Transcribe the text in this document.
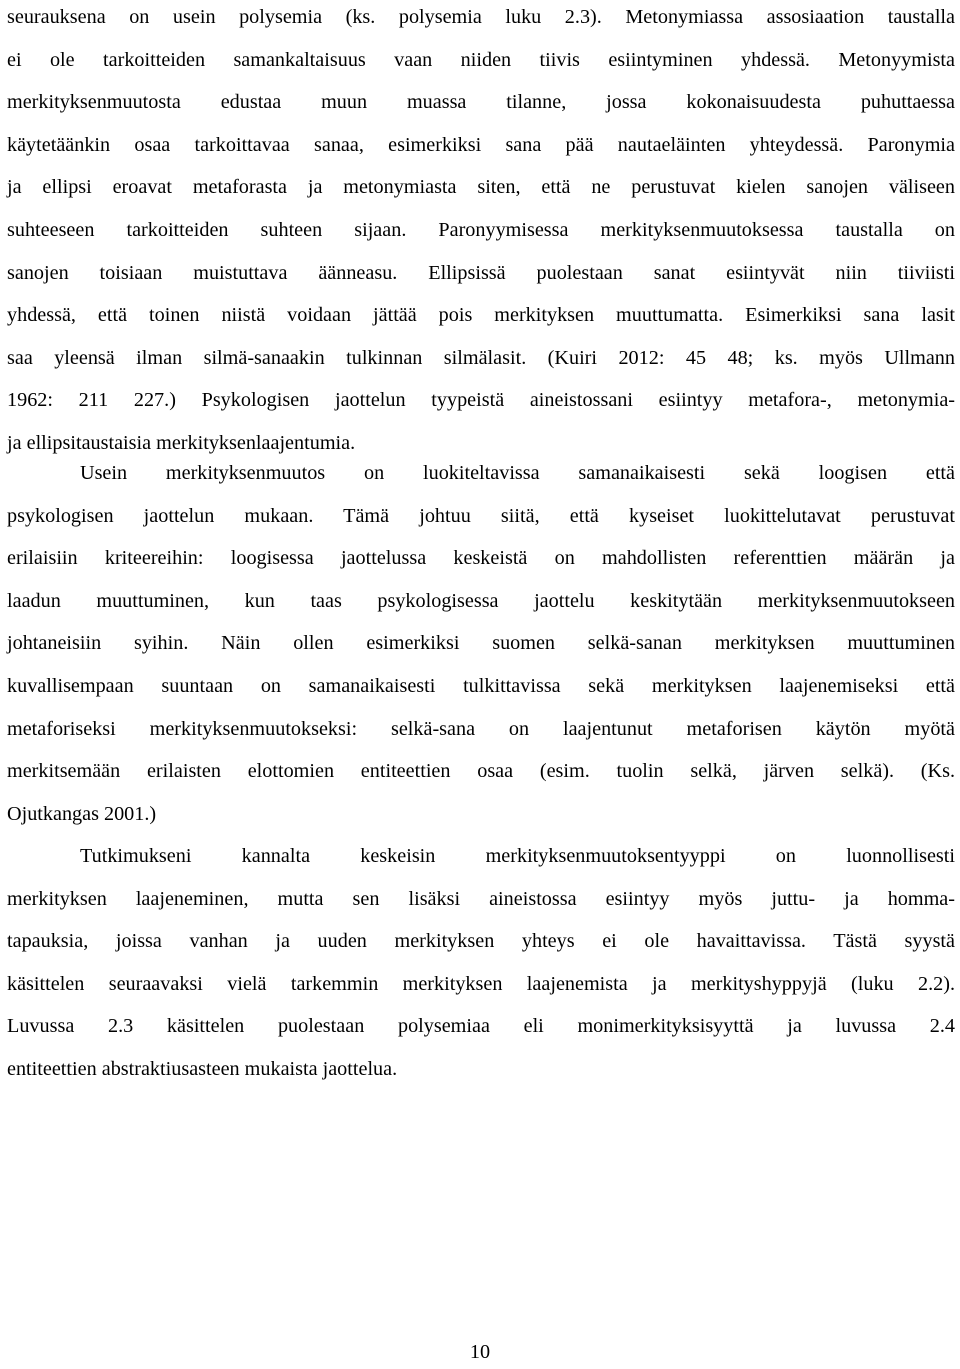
seurauksena on usein polysemia (ks. polysemia luku 2.3). Metonymiassa assosiaation taustalla
ei ole tarkoitteiden samankaltaisuus vaan niiden tiivis esiintyminen yhdessä. Metonyymista
merkityksenmuutosta edustaa muun muassa tilanne, jossa kokonaisuudesta puhuttaessa
käytetäänkin osaa tarkoittavaa sanaa, esimerkiksi sana pää nautaeläinten yhteydessä. Paronymia
ja ellipsi eroavat metaforasta ja metonymiasta siten, että ne perustuvat kielen sanojen väliseen
suhteeseen tarkoitteiden suhteen sijaan. Paronyymisessa merkityksenmuutoksessa taustalla on
sanojen toisiaan muistuttava äänneasu. Ellipsissä puolestaan sanat esiintyvät niin tiiviisti
yhdessä, että toinen niistä voidaan jättää pois merkityksen muuttumatta. Esimerkiksi sana lasit
saa yleensä ilman silmä-sanaakin tulkinnan silmälasit. (Kuiri 2012: 45 48; ks. myös Ullmann
1962: 211 227.) Psykologisen jaottelun tyypeistä aineistossani esiintyy metafora-, metonymia-
ja ellipsitaustaisia merkityksenlaajentumia.
Usein merkityksenmuutos on luokiteltavissa samanaikaisesti sekä loogisen että
psykologisen jaottelun mukaan. Tämä johtuu siitä, että kyseiset luokittelutavat perustuvat
erilaisiin kriteereihin: loogisessa jaottelussa keskeistä on mahdollisten referenttien määrän ja
laadun muuttuminen, kun taas psykologisessa jaottelu keskitytään merkityksenmuutokseen
johtaneisiin syihin. Näin ollen esimerkiksi suomen selkä-sanan merkityksen muuttuminen
kuvallisempaan suuntaan on samanaikaisesti tulkittavissa sekä merkityksen laajenemiseksi että
metaforiseksi merkityksenmuutokseksi: selkä-sana on laajentunut metaforisen käytön myötä
merkitsemään erilaisten elottomien entiteettien osaa (esim. tuolin selkä, järven selkä). (Ks.
Ojutkangas 2001.)
Tutkimukseni kannalta keskeisin merkityksenmuutoksentyyppi on luonnollisesti
merkityksen laajeneminen, mutta sen lisäksi aineistossa esiintyy myös juttu- ja homma-
tapauksia, joissa vanhan ja uuden merkityksen yhteys ei ole havaittavissa. Tästä syystä
käsittelen seuraavaksi vielä tarkemmin merkityksen laajenemista ja merkityshyppyjä (luku 2.2).
Luvussa 2.3 käsittelen puolestaan polysemiaa eli monimerkityksisyyttä ja luvussa 2.4
entiteettien abstraktiusasteen mukaista jaottelua.
10
